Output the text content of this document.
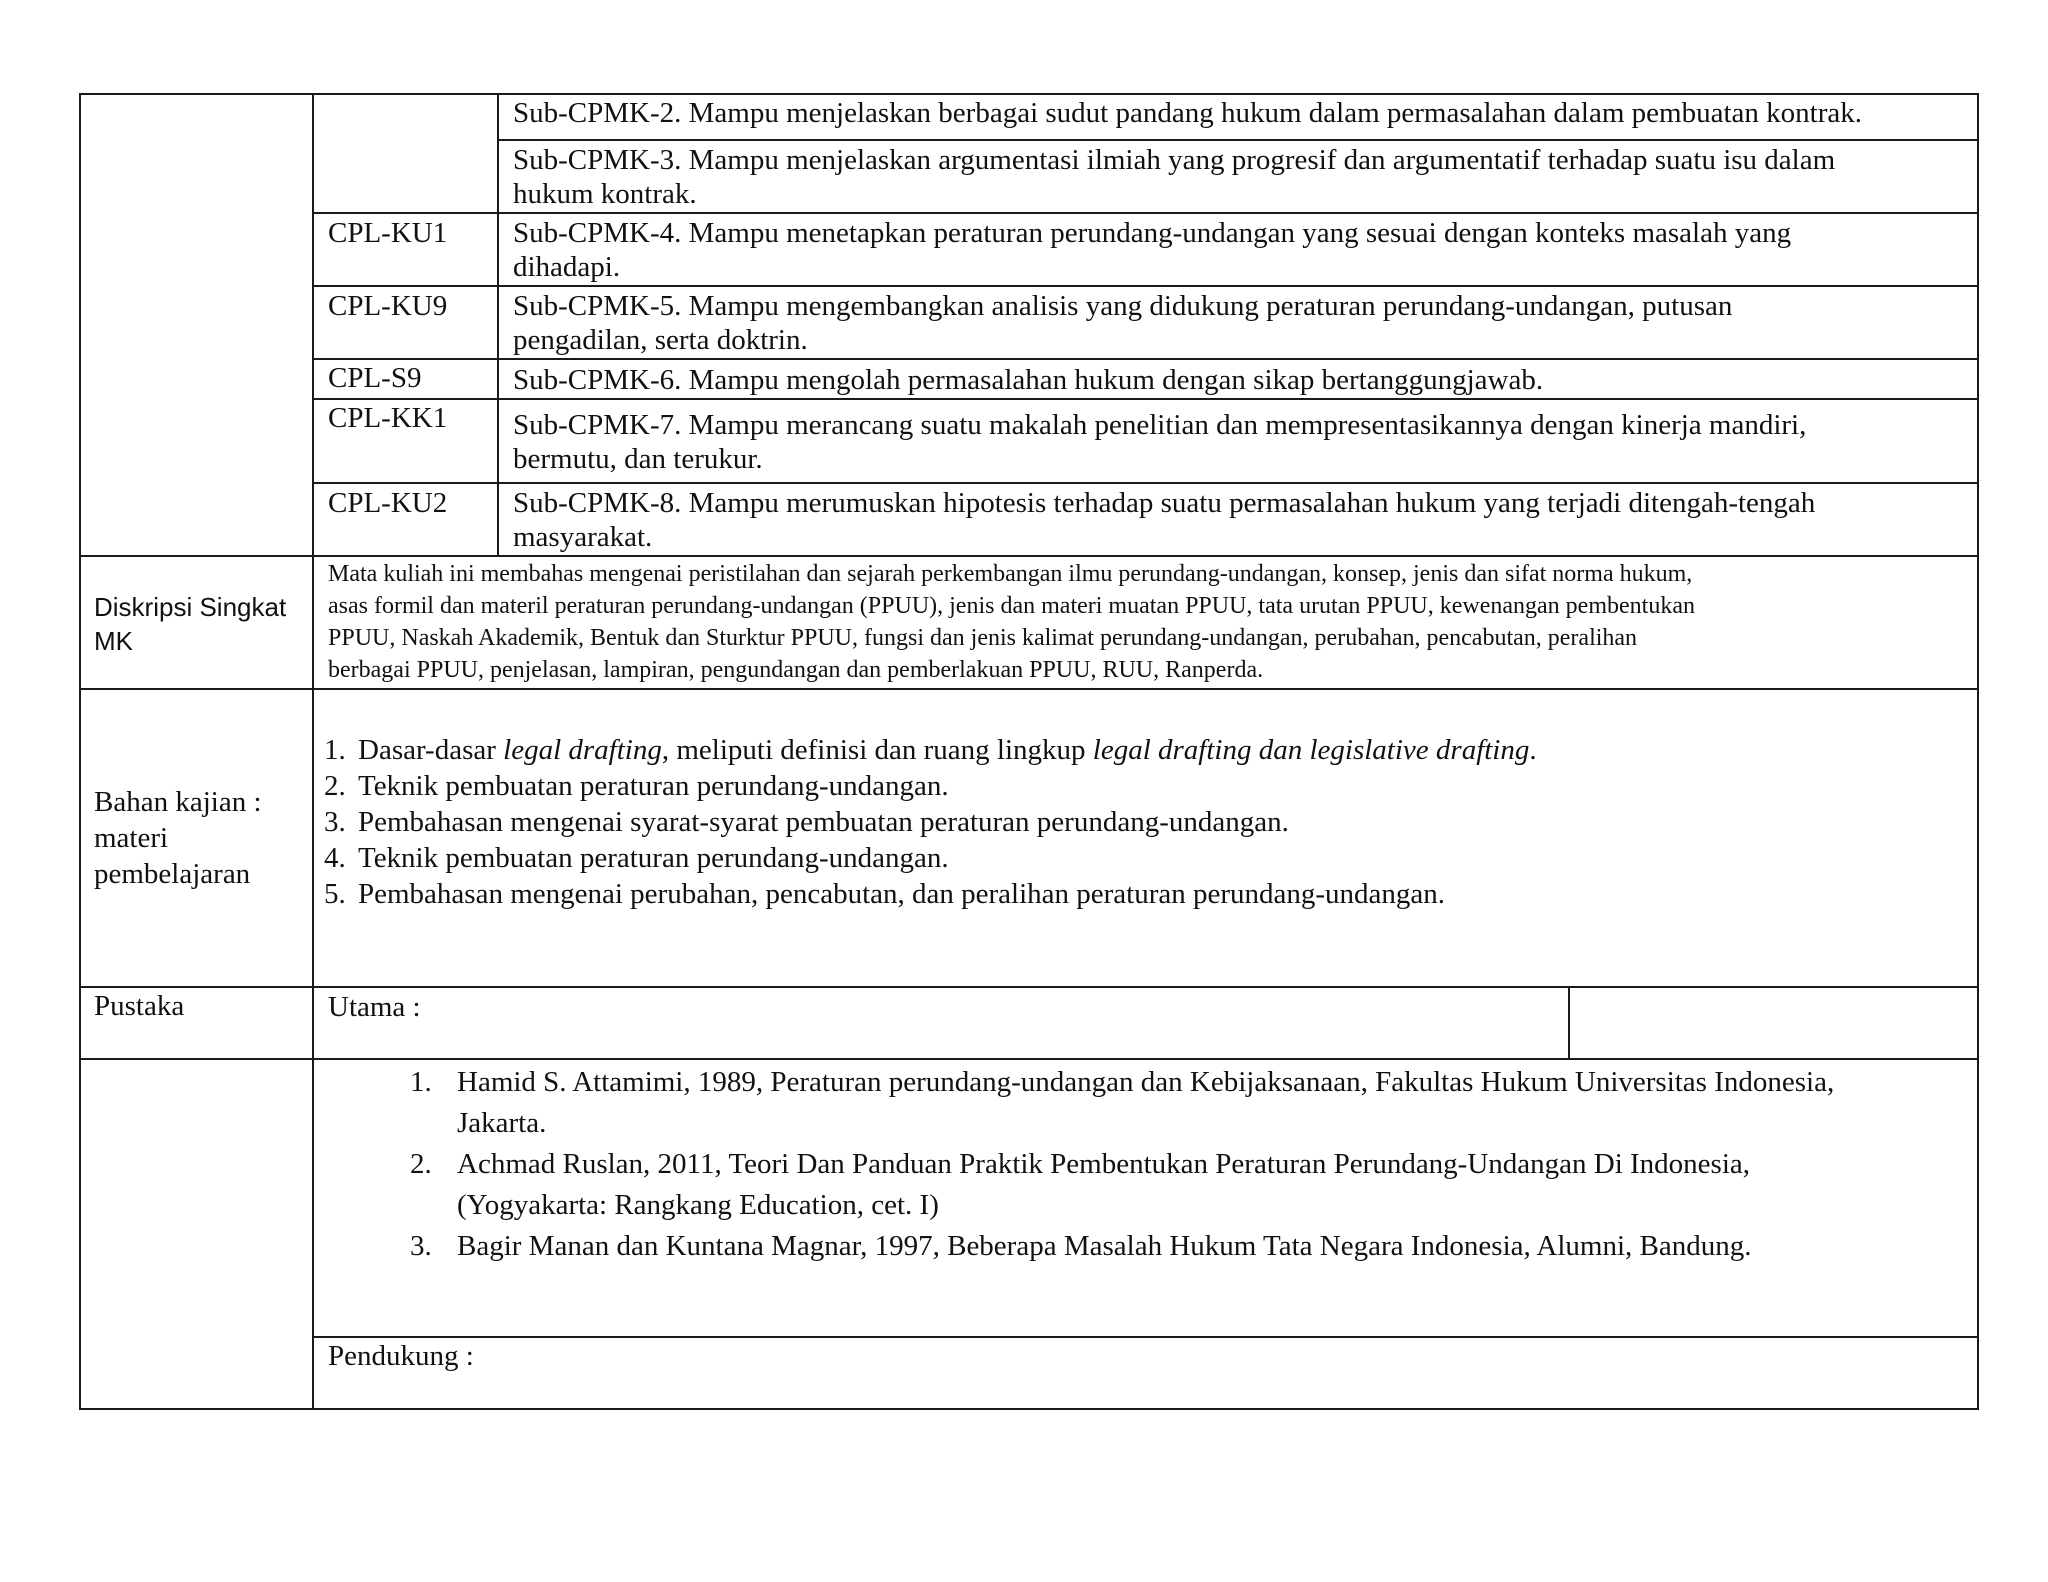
Sub-CPMK-2. Mampu menjelaskan berbagai sudut pandang hukum dalam permasalahan dalam pembuatan kontrak.
Sub-CPMK-3. Mampu menjelaskan argumentasi ilmiah yang progresif dan argumentatif terhadap suatu isu dalam
hukum kontrak.
CPL-KU1 Sub-CPMK-4. Mampu menetapkan peraturan perundang-undangan yang sesuai dengan konteks masalah yang
dihadapi.
CPL-KU9 Sub-CPMK-5. Mampu mengembangkan analisis yang didukung peraturan perundang-undangan, putusan
pengadilan, serta doktrin.
CPL-S9	Sub-CPMK-6. Mampu mengolah permasalahan hukum dengan sikap bertanggungjawab.
CPL-KK1 Sub-CPMK-7. Mampu merancang suatu makalah penelitian dan mempresentasikannya dengan kinerja mandiri,
bermutu, dan terukur.
CPL-KU2 Sub-CPMK-8. Mampu merumuskan hipotesis terhadap suatu permasalahan hukum yang terjadi ditengah-tengah
masyarakat.
Diskripsi Singkat
MK
Mata kuliah ini membahas mengenai peristilahan dan sejarah perkembangan ilmu perundang-undangan, konsep, jenis dan sifat norma hukum,
asas formil dan materil peraturan perundang-undangan (PPUU), jenis dan materi muatan PPUU, tata urutan PPUU, kewenangan pembentukan
PPUU, Naskah Akademik, Bentuk dan Sturktur PPUU, fungsi dan jenis kalimat perundang-undangan, perubahan, pencabutan, peralihan
berbagai PPUU, penjelasan, lampiran, pengundangan dan pemberlakuan PPUU, RUU, Ranperda.
Bahan kajian :
materi
pembelajaran
1. Dasar-dasar legal drafting, meliputi definisi dan ruang lingkup legal drafting dan legislative drafting.
2. Teknik pembuatan peraturan perundang-undangan.
3. Pembahasan mengenai syarat-syarat pembuatan peraturan perundang-undangan.
4. Teknik pembuatan peraturan perundang-undangan.
5. Pembahasan mengenai perubahan, pencabutan, dan peralihan peraturan perundang-undangan.
Pustaka	Utama :
1. Hamid S. Attamimi, 1989, Peraturan perundang-undangan dan Kebijaksanaan, Fakultas Hukum Universitas Indonesia,
Jakarta.
2. Achmad Ruslan, 2011, Teori Dan Panduan Praktik Pembentukan Peraturan Perundang-Undangan Di Indonesia,
(Yogyakarta: Rangkang Education, cet. I)
3. Bagir Manan dan Kuntana Magnar, 1997, Beberapa Masalah Hukum Tata Negara Indonesia, Alumni, Bandung.
Pendukung :
